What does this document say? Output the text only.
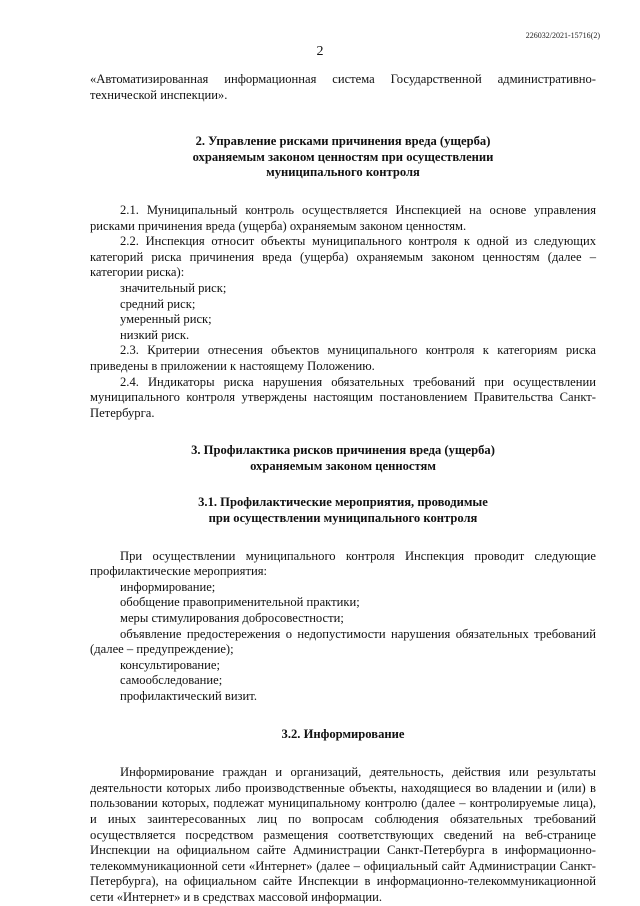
226032/2021-15716(2)
2

«Автоматизированная информационная система Государственной административно-технической инспекции».

2. Управление рисками причинения вреда (ущерба)
охраняемым законом ценностям при осуществлении
муниципального контроля

2.1. Муниципальный контроль осуществляется Инспекцией на основе управления рисками причинения вреда (ущерба) охраняемым законом ценностям.

2.2. Инспекция относит объекты муниципального контроля к одной из следующих категорий риска причинения вреда (ущерба) охраняемым законом ценностям (далее – категории риска):

значительный риск;

средний риск;

умеренный риск;

низкий риск.

2.3. Критерии отнесения объектов муниципального контроля к категориям риска приведены в приложении к настоящему Положению.

2.4. Индикаторы риска нарушения обязательных требований при осуществлении муниципального контроля утверждены настоящим постановлением Правительства Санкт-Петербурга.

3. Профилактика рисков причинения вреда (ущерба)
охраняемым законом ценностям
3.1. Профилактические мероприятия, проводимые
при осуществлении муниципального контроля

При осуществлении муниципального контроля Инспекция проводит следующие профилактические мероприятия:

информирование;

обобщение правоприменительной практики;

меры стимулирования добросовестности;

объявление предостережения о недопустимости нарушения обязательных требований (далее – предупреждение);

консультирование;

самообследование;

профилактический визит.

3.2. Информирование

Информирование граждан и организаций, деятельность, действия или результаты деятельности которых либо производственные объекты, находящиеся во владении и (или) в пользовании которых, подлежат муниципальному контролю (далее – контролируемые лица), и иных заинтересованных лиц по вопросам соблюдения обязательных требований осуществляется посредством размещения соответствующих сведений на веб-странице Инспекции на официальном сайте Администрации Санкт-Петербурга в информационно-телекоммуникационной сети «Интернет» (далее – официальный сайт Администрации Санкт-Петербурга), на официальном сайте Инспекции в информационно-телекоммуникационной сети «Интернет» и в средствах массовой информации.
